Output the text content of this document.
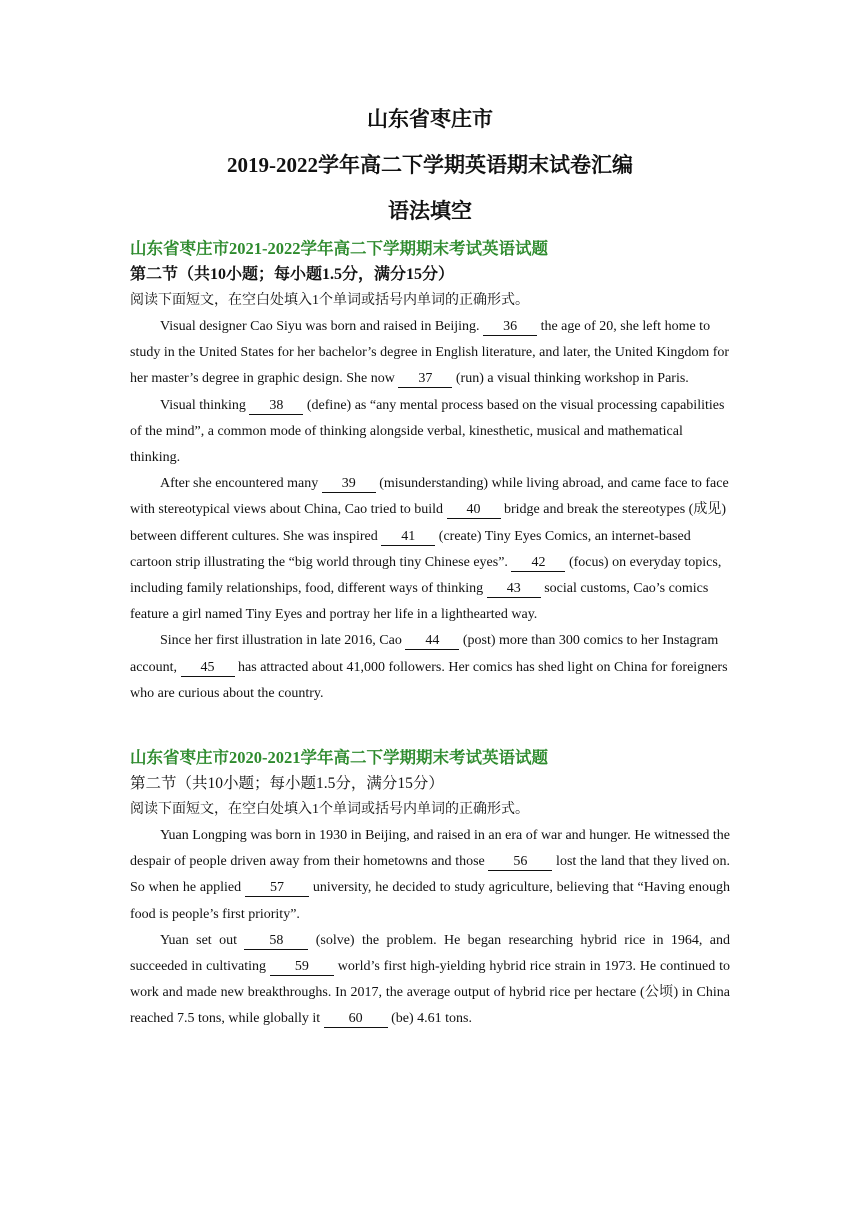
山东省枣庄市

2019-2022学年高二下学期英语期末试卷汇编

语法填空

山东省枣庄市2021-2022学年高二下学期期末考试英语试题

第二节（共10小题；每小题1.5分，满分15分）

阅读下面短文，在空白处填入1个单词或括号内单词的正确形式。

Visual designer Cao Siyu was born and raised in Beijing. 36 the age of 20, she left home to study in the United States for her bachelor’s degree in English literature, and later, the United Kingdom for her master’s degree in graphic design. She now 37 (run) a visual thinking workshop in Paris.

Visual thinking 38 (define) as “any mental process based on the visual processing capabilities of the mind”, a common mode of thinking alongside verbal, kinesthetic, musical and mathematical thinking.

After she encountered many 39 (misunderstanding) while living abroad, and came face to face with stereotypical views about China, Cao tried to build 40 bridge and break the stereotypes (成见) between different cultures. She was inspired 41 (create) Tiny Eyes Comics, an internet-based cartoon strip illustrating the “big world through tiny Chinese eyes”. 42 (focus) on everyday topics, including family relationships, food, different ways of thinking 43 social customs, Cao’s comics feature a girl named Tiny Eyes and portray her life in a lighthearted way.

Since her first illustration in late 2016, Cao 44 (post) more than 300 comics to her Instagram account, 45 has attracted about 41,000 followers. Her comics has shed light on China for foreigners who are curious about the country.

山东省枣庄市2020-2021学年高二下学期期末考试英语试题

第二节（共10小题；每小题1.5分，满分15分）

阅读下面短文，在空白处填入1个单词或括号内单词的正确形式。

Yuan Longping was born in 1930 in Beijing, and raised in an era of war and hunger. He witnessed the despair of people driven away from their hometowns and those 56 lost the land that they lived on. So when he applied 57 university, he decided to study agriculture, believing that “Having enough food is people’s first priority”.

Yuan set out 58 (solve) the problem. He began researching hybrid rice in 1964, and succeeded in cultivating 59 world’s first high-yielding hybrid rice strain in 1973. He continued to work and made new breakthroughs. In 2017, the average output of hybrid rice per hectare (公顷) in China reached 7.5 tons, while globally it 60 (be) 4.61 tons.
